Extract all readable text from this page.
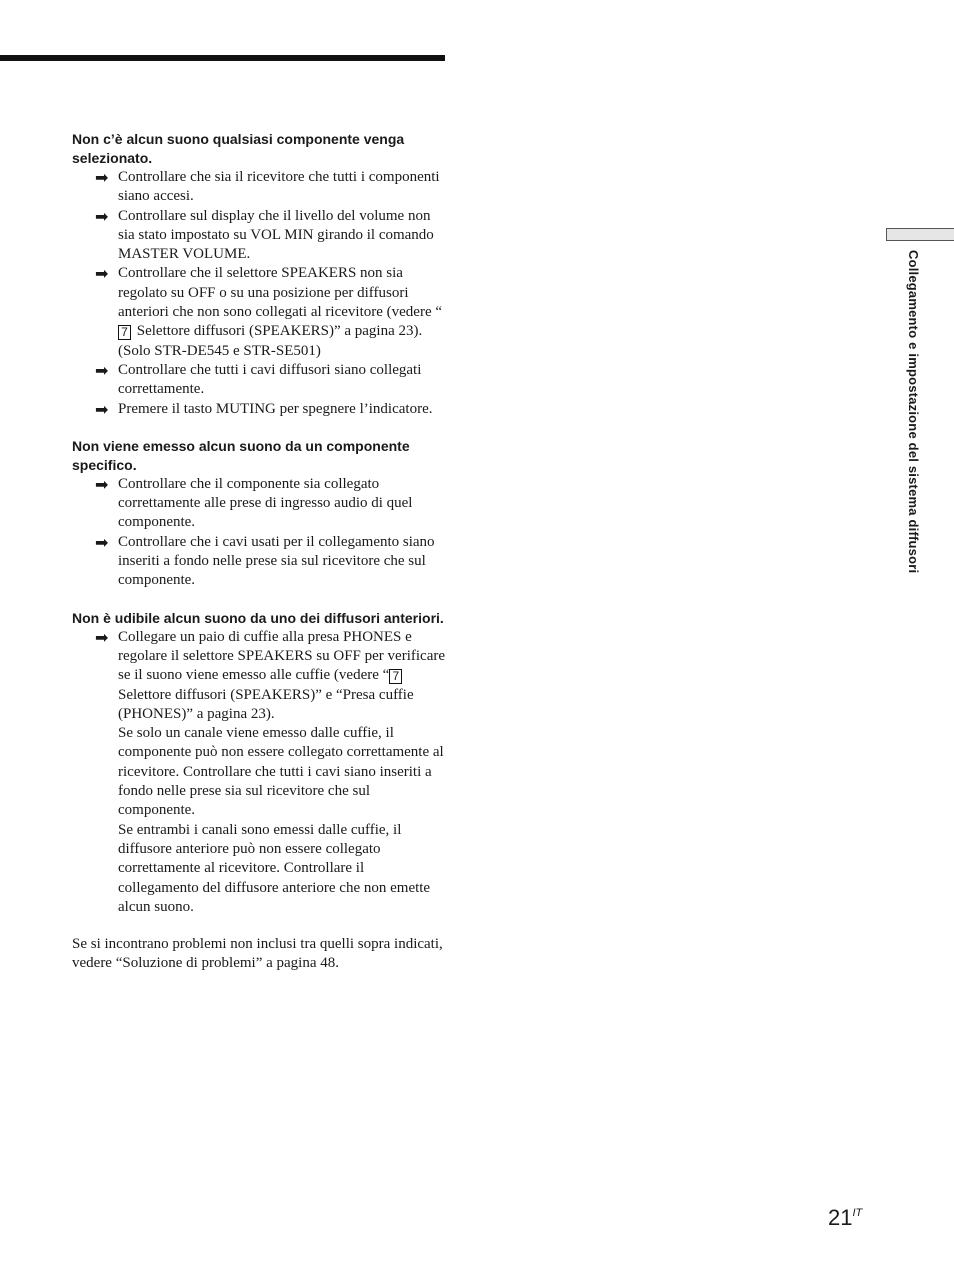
Non c’è alcun suono qualsiasi componente venga selezionato.

➡ Controllare che sia il ricevitore che tutti i componenti siano accesi.
➡ Controllare sul display che il livello del volume non sia stato impostato su VOL MIN girando il comando MASTER VOLUME.
➡ Controllare che il selettore SPEAKERS non sia regolato su OFF o su una posizione per diffusori anteriori che non sono collegati al ricevitore (vedere “7 Selettore diffusori (SPEAKERS)” a pagina 23). (Solo STR-DE545 e STR-SE501)
➡ Controllare che tutti i cavi diffusori siano collegati correttamente.
➡ Premere il tasto MUTING per spegnere l’indicatore.

Non viene emesso alcun suono da un componente specifico.

➡ Controllare che il componente sia collegato correttamente alle prese di ingresso audio di quel componente.
➡ Controllare che i cavi usati per il collegamento siano inseriti a fondo nelle prese sia sul ricevitore che sul componente.

Non è udibile alcun suono da uno dei diffusori anteriori.

➡ Collegare un paio di cuffie alla presa PHONES e regolare il selettore SPEAKERS su OFF per verificare se il suono viene emesso alle cuffie (vedere “ 7 Selettore diffusori (SPEAKERS)” e “Presa cuffie (PHONES)” a pagina 23).
Se solo un canale viene emesso dalle cuffie, il componente può non essere collegato correttamente al ricevitore. Controllare che tutti i cavi siano inseriti a fondo nelle prese sia sul ricevitore che sul componente.
Se entrambi i canali sono emessi dalle cuffie, il diffusore anteriore può non essere collegato correttamente al ricevitore. Controllare il collegamento del diffusore anteriore che non emette alcun suono.

Se si incontrano problemi non inclusi tra quelli sopra indicati, vedere “Soluzione di problemi” a pagina 48.

Collegamento e impostazione del sistema diffusori
$21^{IT}$
